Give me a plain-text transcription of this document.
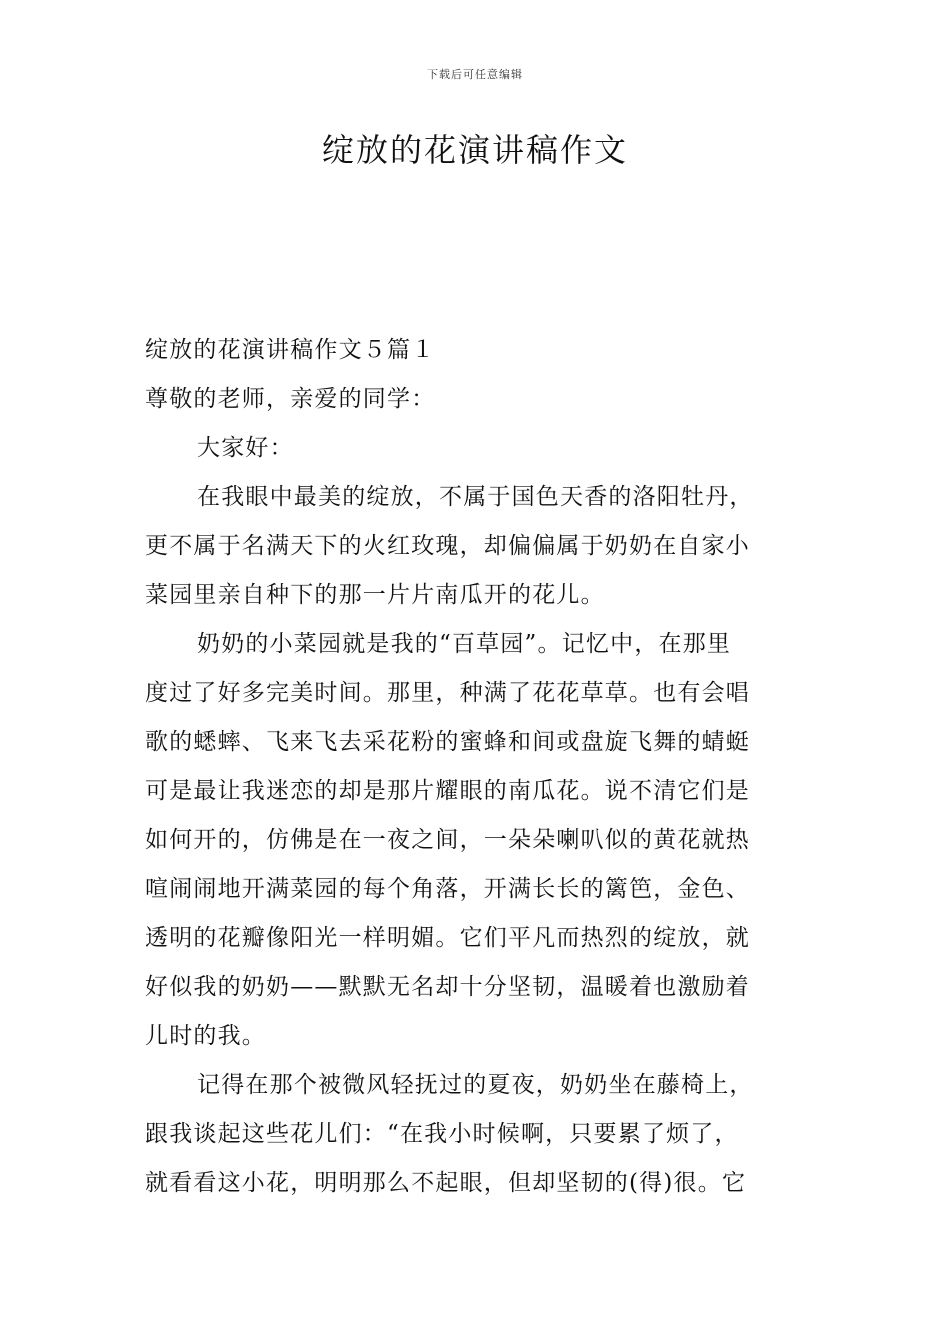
下载后可任意编辑
绽放的花演讲稿作文

绽放的花演讲稿作文５篇１

尊敬的老师，亲爱的同学：

大家好：

在我眼中最美的绽放，不属于国色天香的洛阳牡丹，

更不属于名满天下的火红玫瑰，却偏偏属于奶奶在自家小

菜园里亲自种下的那一片片南瓜开的花儿。

奶奶的小菜园就是我的“百草园”。记忆中，在那里

度过了好多完美时间。那里，种满了花花草草。也有会唱

歌的蟋蟀、飞来飞去采花粉的蜜蜂和间或盘旋飞舞的蜻蜓

可是最让我迷恋的却是那片耀眼的南瓜花。说不清它们是

如何开的，仿佛是在一夜之间，一朵朵喇叭似的黄花就热

喧闹闹地开满菜园的每个角落，开满长长的篱笆，金色、

透明的花瓣像阳光一样明媚。它们平凡而热烈的绽放，就

好似我的奶奶——默默无名却十分坚韧，温暖着也激励着

儿时的我。

记得在那个被微风轻抚过的夏夜，奶奶坐在藤椅上，

跟我谈起这些花儿们：“在我小时候啊，只要累了烦了，

就看看这小花，明明那么不起眼，但却坚韧的(得)很。它
